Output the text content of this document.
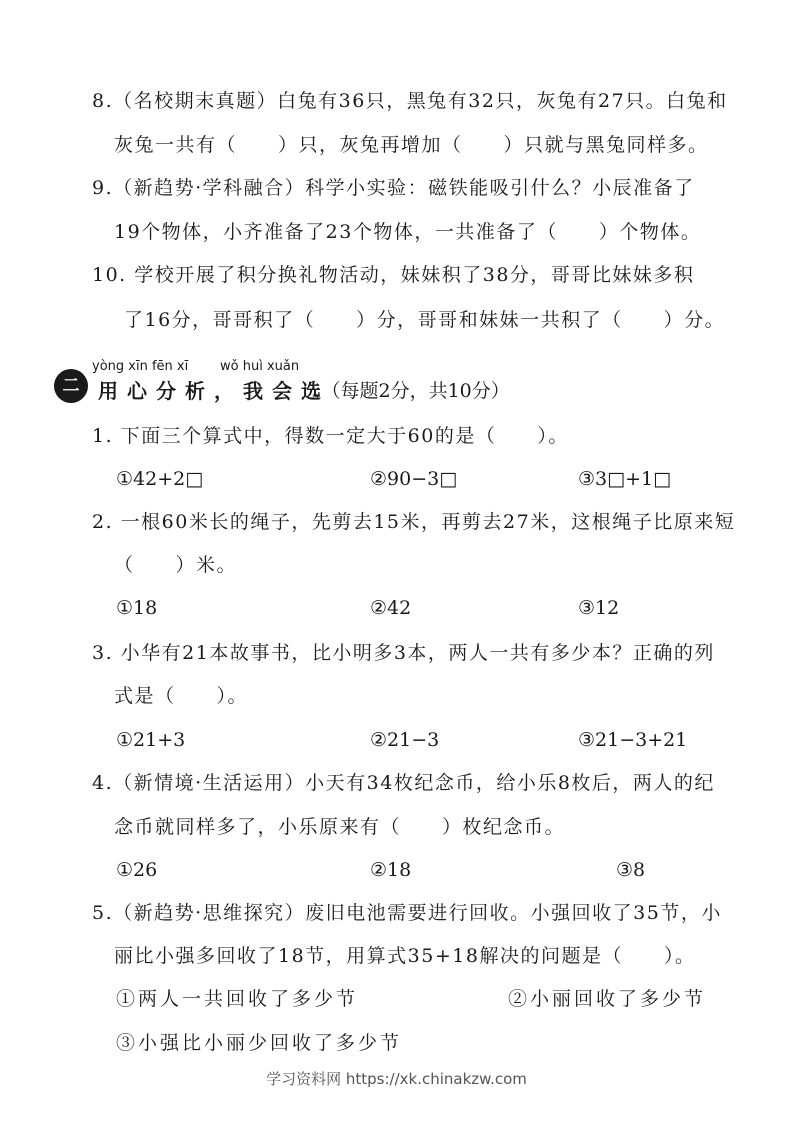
8.（名校期末真题）白兔有36只，黑兔有32只，灰兔有27只。白兔和
灰兔一共有（　　）只，灰兔再增加（　　）只就与黑兔同样多。
9.（新趋势·学科融合）科学小实验：磁铁能吸引什么？小辰准备了
19个物体，小齐准备了23个物体，一共准备了（　　）个物体。
10. 学校开展了积分换礼物活动，妹妹积了38分，哥哥比妹妹多积
了16分，哥哥积了（　　）分，哥哥和妹妹一共积了（　　）分。
二
yòng xīn fēn xī wǒ huì xuǎn
用心分析，我会选
。（每题2分，共10分）
1. 下面三个算式中，得数一定大于60的是（　　）。
①42+2□	②90−3□	③3□+1□
2. 一根60米长的绳子，先剪去15米，再剪去27米，这根绳子比原来短
（　　）米。
①18	②42	③12
3. 小华有21本故事书，比小明多3本，两人一共有多少本？正确的列
式是（　　）。
①21+3	②21−3	③21−3+21
4.（新情境·生活运用）小天有34枚纪念币，给小乐8枚后，两人的纪
念币就同样多了，小乐原来有（　　）枚纪念币。
①26	②18	③8
5.（新趋势·思维探究）废旧电池需要进行回收。小强回收了35节，小
丽比小强多回收了18节，用算式35+18解决的问题是（　　）。
①两人一共回收了多少节	②小丽回收了多少节
③小强比小丽少回收了多少节
学习资料网 https://xk.chinakzw.com
